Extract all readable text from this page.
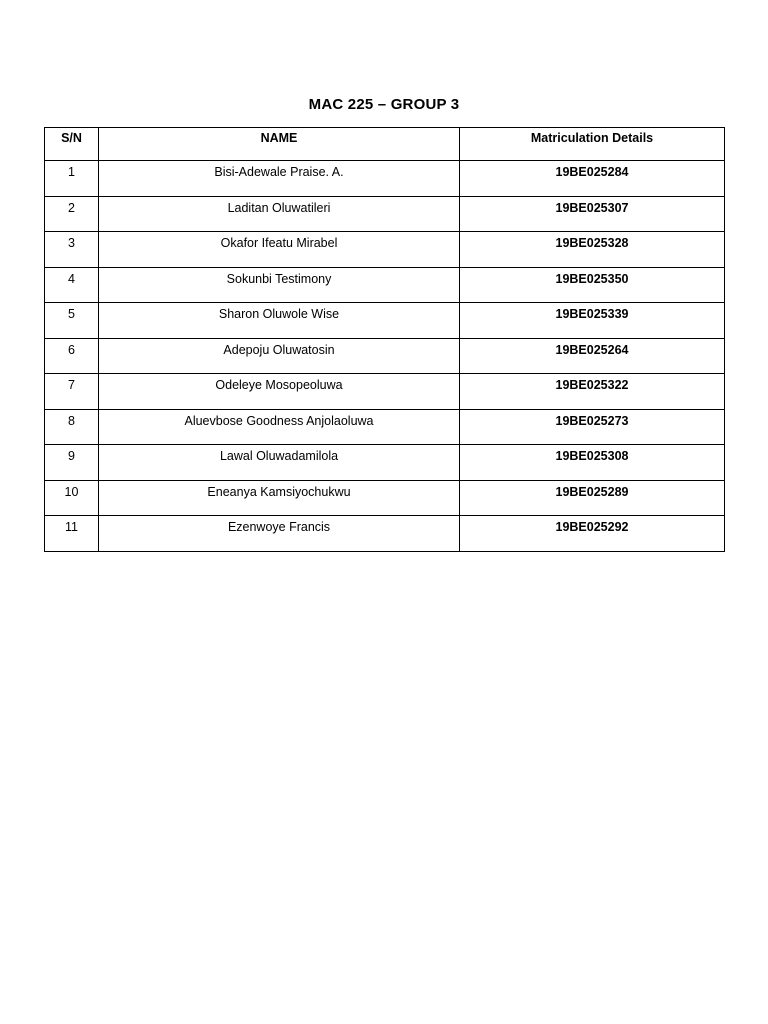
MAC 225 – GROUP 3
S/N	NAME	Matriculation Details
1	Bisi-Adewale Praise. A.	19BE025284
2	Laditan Oluwatileri	19BE025307
3	Okafor Ifeatu Mirabel	19BE025328
4	Sokunbi Testimony	19BE025350
5	Sharon Oluwole Wise	19BE025339
6	Adepoju Oluwatosin	19BE025264
7	Odeleye Mosopeoluwa	19BE025322
8	Aluevbose Goodness Anjolaoluwa	19BE025273
9	Lawal Oluwadamilola	19BE025308
10	Eneanya Kamsiyochukwu	19BE025289
11	Ezenwoye Francis	19BE025292
